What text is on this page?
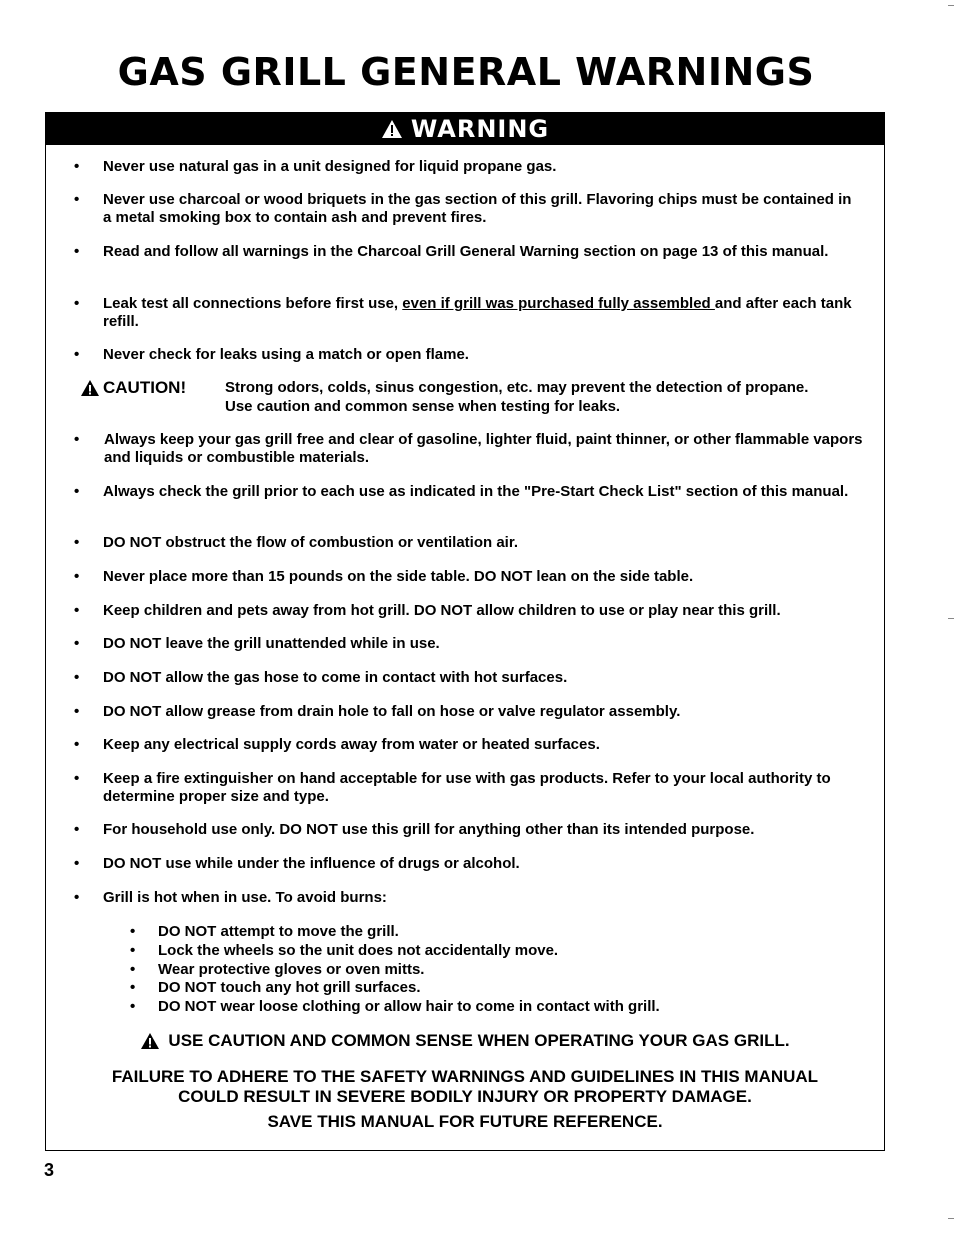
GAS GRILL GENERAL WARNINGS
WARNING
• Never use natural gas in a unit designed for liquid propane gas.
• Never use charcoal or wood briquets in the gas section of this grill. Flavoring chips must be contained in a metal smoking box to contain ash and prevent fires.
• Read and follow all warnings in the Charcoal Grill General Warning section on page 13 of this manual.
• Leak test all connections before first use, even if grill was purchased fully assembled and after each tank refill.
• Never check for leaks using a match or open flame.
CAUTION!	Strong odors, colds, sinus congestion, etc. may prevent the detection of propane. Use caution and common sense when testing for leaks.
• Always keep your gas grill free and clear of gasoline, lighter fluid, paint thinner, or other flammable vapors and liquids or combustible materials.
• Always check the grill prior to each use as indicated in the "Pre-Start Check List" section of this manual.
• DO NOT obstruct the flow of combustion or ventilation air.
• Never place more than 15 pounds on the side table. DO NOT lean on the side table.
• Keep children and pets away from hot grill. DO NOT allow children to use or play near this grill.
• DO NOT leave the grill unattended while in use.
• DO NOT allow the gas hose to come in contact with hot surfaces.
• DO NOT allow grease from drain hole to fall on hose or valve regulator assembly.
• Keep any electrical supply cords away from water or heated surfaces.
• Keep a fire extinguisher on hand acceptable for use with gas products. Refer to your local authority to determine proper size and type.
• For household use only. DO NOT use this grill for anything other than its intended purpose.
• DO NOT use while under the influence of drugs or alcohol.
• Grill is hot when in use. To avoid burns:
• DO NOT attempt to move the grill.
• Lock the wheels so the unit does not accidentally move.
• Wear protective gloves or oven mitts.
• DO NOT touch any hot grill surfaces.
• DO NOT wear loose clothing or allow hair to come in contact with grill.
USE CAUTION AND COMMON SENSE WHEN OPERATING YOUR GAS GRILL.
FAILURE TO ADHERE TO THE SAFETY WARNINGS AND GUIDELINES IN THIS MANUAL
COULD RESULT IN SEVERE BODILY INJURY OR PROPERTY DAMAGE.
SAVE THIS MANUAL FOR FUTURE REFERENCE.
3
